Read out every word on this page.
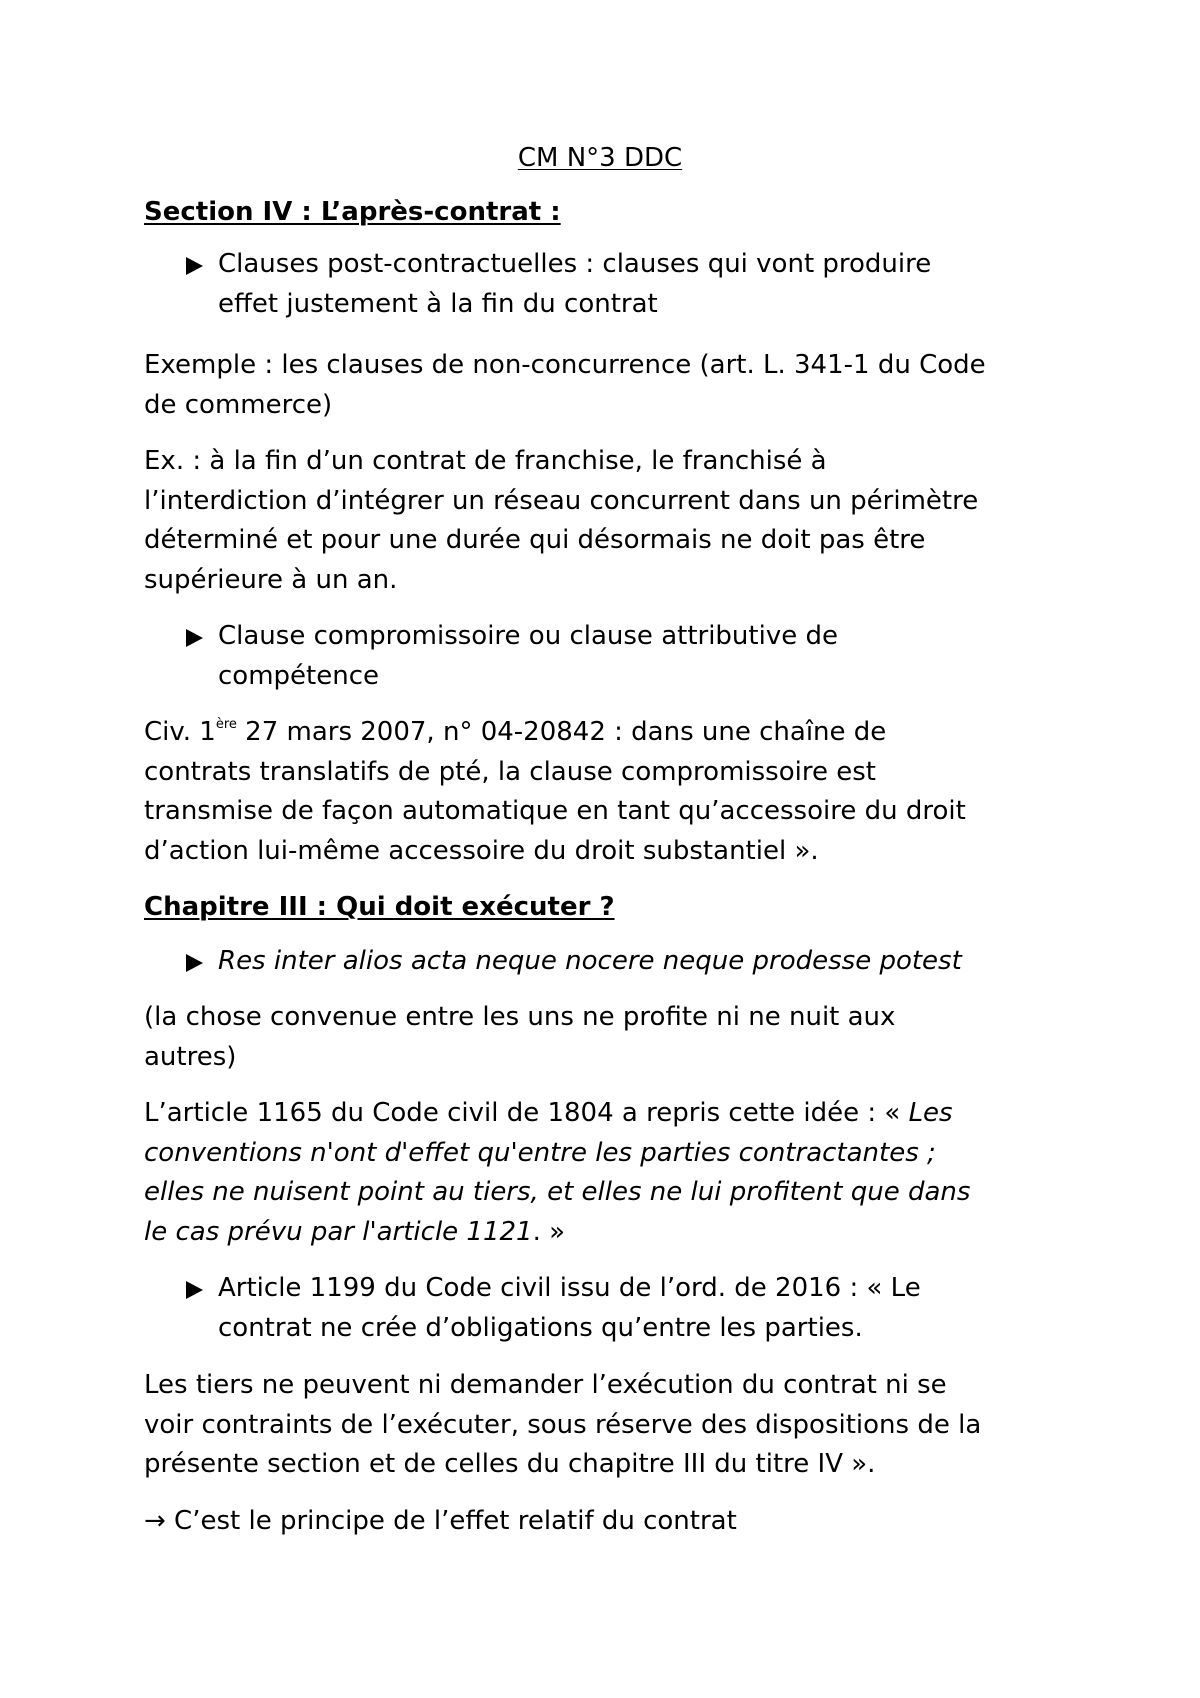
CM N°3 DDC
Section IV : L’après-contrat :
Clauses post-contractuelles : clauses qui vont produire
effet justement à la fin du contrat
Exemple : les clauses de non-concurrence (art. L. 341-1 du Code
de commerce)
Ex. : à la fin d’un contrat de franchise, le franchisé à
l’interdiction d’intégrer un réseau concurrent dans un périmètre
déterminé et pour une durée qui désormais ne doit pas être
supérieure à un an.
Clause compromissoire ou clause attributive de
compétence
Civ. 1ère 27 mars 2007, n° 04-20842 : dans une chaîne de
contrats translatifs de pté, la clause compromissoire est
transmise de façon automatique en tant qu’accessoire du droit
d’action lui-même accessoire du droit substantiel ».
Chapitre III : Qui doit exécuter ?
Res inter alios acta neque nocere neque prodesse potest
(la chose convenue entre les uns ne profite ni ne nuit aux
autres)
L’article 1165 du Code civil de 1804 a repris cette idée : « Les
conventions n'ont d'effet qu'entre les parties contractantes ;
elles ne nuisent point au tiers, et elles ne lui profitent que dans
le cas prévu par l'article 1121. »
Article 1199 du Code civil issu de l’ord. de 2016 : « Le
contrat ne crée d’obligations qu’entre les parties.
Les tiers ne peuvent ni demander l’exécution du contrat ni se
voir contraints de l’exécuter, sous réserve des dispositions de la
présente section et de celles du chapitre III du titre IV ».
→ C’est le principe de l’effet relatif du contrat
